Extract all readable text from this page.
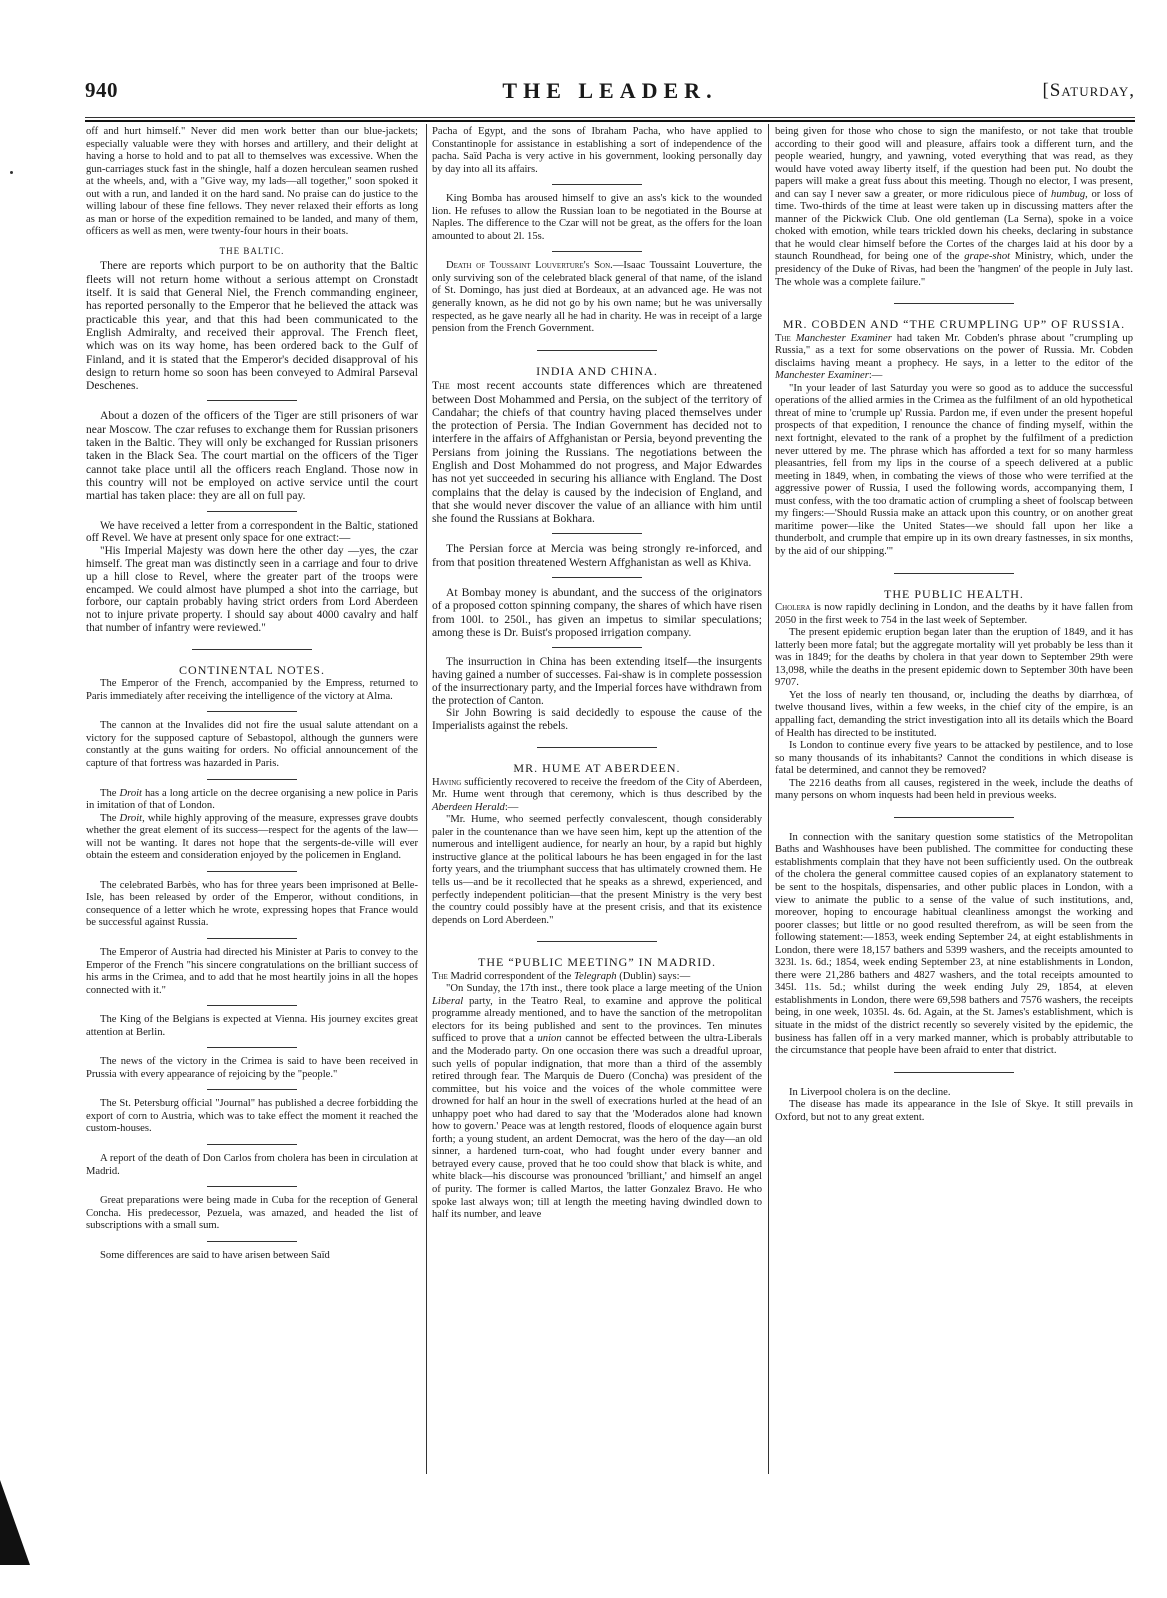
940	THE LEADER.	[Saturday,

off and hurt himself." Never did men work better than our blue-jackets; especially valuable were they with horses and artillery, and their delight at having a horse to hold and to pat all to themselves was excessive. When the gun-carriages stuck fast in the shingle, half a dozen herculean seamen rushed at the wheels, and, with a "Give way, my lads—all together," soon spoked it out with a run, and landed it on the hard sand. No praise can do justice to the willing labour of these fine fellows. They never relaxed their efforts as long as man or horse of the expedition remained to be landed, and many of them, officers as well as men, were twenty-four hours in their boats.

THE BALTIC.

There are reports which purport to be on authority that the Baltic fleets will not return home without a serious attempt on Cronstadt itself. It is said that General Niel, the French commanding engineer, has reported personally to the Emperor that he believed the attack was practicable this year, and that this had been communicated to the English Admiralty, and received their approval. The French fleet, which was on its way home, has been ordered back to the Gulf of Finland, and it is stated that the Emperor's decided disapproval of his design to return home so soon has been conveyed to Admiral Parseval Deschenes.

About a dozen of the officers of the Tiger are still prisoners of war near Moscow. The czar refuses to exchange them for Russian prisoners taken in the Baltic. They will only be exchanged for Russian prisoners taken in the Black Sea. The court martial on the officers of the Tiger cannot take place until all the officers reach England. Those now in this country will not be employed on active service until the court martial has taken place: they are all on full pay.

We have received a letter from a correspondent in the Baltic, stationed off Revel. We have at present only space for one extract:—

"His Imperial Majesty was down here the other day —yes, the czar himself. The great man was distinctly seen in a carriage and four to drive up a hill close to Revel, where the greater part of the troops were encamped. We could almost have plumped a shot into the carriage, but forbore, our captain probably having strict orders from Lord Aberdeen not to injure private property. I should say about 4000 cavalry and half that number of infantry were reviewed."

CONTINENTAL NOTES.

The Emperor of the French, accompanied by the Empress, returned to Paris immediately after receiving the intelligence of the victory at Alma.

The cannon at the Invalides did not fire the usual salute attendant on a victory for the supposed capture of Sebastopol, although the gunners were constantly at the guns waiting for orders. No official announcement of the capture of that fortress was hazarded in Paris.

The Droit has a long article on the decree organising a new police in Paris in imitation of that of London.

The Droit, while highly approving of the measure, expresses grave doubts whether the great element of its success—respect for the agents of the law—will not be wanting. It dares not hope that the sergents-de-ville will ever obtain the esteem and consideration enjoyed by the policemen in England.

The celebrated Barbès, who has for three years been imprisoned at Belle-Isle, has been released by order of the Emperor, without conditions, in consequence of a letter which he wrote, expressing hopes that France would be successful against Russia.

The Emperor of Austria had directed his Minister at Paris to convey to the Emperor of the French "his sincere congratulations on the brilliant success of his arms in the Crimea, and to add that he most heartily joins in all the hopes connected with it."

The King of the Belgians is expected at Vienna. His journey excites great attention at Berlin.

The news of the victory in the Crimea is said to have been received in Prussia with every appearance of rejoicing by the "people."

The St. Petersburg official "Journal" has published a decree forbidding the export of corn to Austria, which was to take effect the moment it reached the custom-houses.

A report of the death of Don Carlos from cholera has been in circulation at Madrid.

Great preparations were being made in Cuba for the reception of General Concha. His predecessor, Pezuela, was amazed, and headed the list of subscriptions with a small sum.

Some differences are said to have arisen between Saïd

Pacha of Egypt, and the sons of Ibraham Pacha, who have applied to Constantinople for assistance in establishing a sort of independence of the pacha. Saïd Pacha is very active in his government, looking personally day by day into all its affairs.

King Bomba has aroused himself to give an ass's kick to the wounded lion. He refuses to allow the Russian loan to be negotiated in the Bourse at Naples. The difference to the Czar will not be great, as the offers for the loan amounted to about 2l. 15s.

Death of Toussaint Louverture's Son.—Isaac Toussaint Louverture, the only surviving son of the celebrated black general of that name, of the island of St. Domingo, has just died at Bordeaux, at an advanced age. He was not generally known, as he did not go by his own name; but he was universally respected, as he gave nearly all he had in charity. He was in receipt of a large pension from the French Government.

INDIA AND CHINA.

The most recent accounts state differences which are threatened between Dost Mohammed and Persia, on the subject of the territory of Candahar; the chiefs of that country having placed themselves under the protection of Persia. The Indian Government has decided not to interfere in the affairs of Affghanistan or Persia, beyond preventing the Persians from joining the Russians. The negotiations between the English and Dost Mohammed do not progress, and Major Edwardes has not yet succeeded in securing his alliance with England. The Dost complains that the delay is caused by the indecision of England, and that she would never discover the value of an alliance with him until she found the Russians at Bokhara.

The Persian force at Mercia was being strongly re-inforced, and from that position threatened Western Affghanistan as well as Khiva.

At Bombay money is abundant, and the success of the originators of a proposed cotton spinning company, the shares of which have risen from 100l. to 250l., has given an impetus to similar speculations; among these is Dr. Buist's proposed irrigation company.

The insurruction in China has been extending itself—the insurgents having gained a number of successes. Fai-shaw is in complete possession of the insurrectionary party, and the Imperial forces have withdrawn from the protection of Canton.

Sir John Bowring is said decidedly to espouse the cause of the Imperialists against the rebels.

MR. HUME AT ABERDEEN.

Having sufficiently recovered to receive the freedom of the City of Aberdeen, Mr. Hume went through that ceremony, which is thus described by the Aberdeen Herald:—

"Mr. Hume, who seemed perfectly convalescent, though considerably paler in the countenance than we have seen him, kept up the attention of the numerous and intelligent audience, for nearly an hour, by a rapid but highly instructive glance at the political labours he has been engaged in for the last forty years, and the triumphant success that has ultimately crowned them. He tells us—and be it recollected that he speaks as a shrewd, experienced, and perfectly independent politician—that the present Ministry is the very best the country could possibly have at the present crisis, and that its existence depends on Lord Aberdeen."

THE “PUBLIC MEETING” IN MADRID.

The Madrid correspondent of the Telegraph (Dublin) says:—

"On Sunday, the 17th inst., there took place a large meeting of the Union Liberal party, in the Teatro Real, to examine and approve the political programme already mentioned, and to have the sanction of the metropolitan electors for its being published and sent to the provinces. Ten minutes sufficed to prove that a union cannot be effected between the ultra-Liberals and the Moderado party. On one occasion there was such a dreadful uproar, such yells of popular indignation, that more than a third of the assembly retired through fear. The Marquis de Duero (Concha) was president of the committee, but his voice and the voices of the whole committee were drowned for half an hour in the swell of execrations hurled at the head of an unhappy poet who had dared to say that the 'Moderados alone had known how to govern.' Peace was at length restored, floods of eloquence again burst forth; a young student, an ardent Democrat, was the hero of the day—an old sinner, a hardened turn-coat, who had fought under every banner and betrayed every cause, proved that he too could show that black is white, and white black—his discourse was pronounced 'brilliant,' and himself an angel of purity. The former is called Martos, the latter Gonzalez Bravo. He who spoke last always won; till at length the meeting having dwindled down to half its number, and leave

being given for those who chose to sign the manifesto, or not take that trouble according to their good will and pleasure, affairs took a different turn, and the people wearied, hungry, and yawning, voted everything that was read, as they would have voted away liberty itself, if the question had been put. No doubt the papers will make a great fuss about this meeting. Though no elector, I was present, and can say I never saw a greater, or more ridiculous piece of humbug, or loss of time. Two-thirds of the time at least were taken up in discussing matters after the manner of the Pickwick Club. One old gentleman (La Serna), spoke in a voice choked with emotion, while tears trickled down his cheeks, declaring in substance that he would clear himself before the Cortes of the charges laid at his door by a staunch Roundhead, for being one of the grape-shot Ministry, which, under the presidency of the Duke of Rivas, had been the 'hangmen' of the people in July last. The whole was a complete failure."

MR. COBDEN AND “THE CRUMPLING UP” OF RUSSIA.

The Manchester Examiner had taken Mr. Cobden's phrase about "crumpling up Russia," as a text for some observations on the power of Russia. Mr. Cobden disclaims having meant a prophecy. He says, in a letter to the editor of the Manchester Examiner:—

"In your leader of last Saturday you were so good as to adduce the successful operations of the allied armies in the Crimea as the fulfilment of an old hypothetical threat of mine to 'crumple up' Russia. Pardon me, if even under the present hopeful prospects of that expedition, I renounce the chance of finding myself, within the next fortnight, elevated to the rank of a prophet by the fulfilment of a prediction never uttered by me. The phrase which has afforded a text for so many harmless pleasantries, fell from my lips in the course of a speech delivered at a public meeting in 1849, when, in combating the views of those who were terrified at the aggressive power of Russia, I used the following words, accompanying them, I must confess, with the too dramatic action of crumpling a sheet of foolscap between my fingers:—'Should Russia make an attack upon this country, or on another great maritime power—like the United States—we should fall upon her like a thunderbolt, and crumple that empire up in its own dreary fastnesses, in six months, by the aid of our shipping.'"

THE PUBLIC HEALTH.

Cholera is now rapidly declining in London, and the deaths by it have fallen from 2050 in the first week to 754 in the last week of September.

The present epidemic eruption began later than the eruption of 1849, and it has latterly been more fatal; but the aggregate mortality will yet probably be less than it was in 1849; for the deaths by cholera in that year down to September 29th were 13,098, while the deaths in the present epidemic down to September 30th have been 9707.

Yet the loss of nearly ten thousand, or, including the deaths by diarrhœa, of twelve thousand lives, within a few weeks, in the chief city of the empire, is an appalling fact, demanding the strict investigation into all its details which the Board of Health has directed to be instituted.

Is London to continue every five years to be attacked by pestilence, and to lose so many thousands of its inhabitants? Cannot the conditions in which disease is fatal be determined, and cannot they be removed?

The 2216 deaths from all causes, registered in the week, include the deaths of many persons on whom inquests had been held in previous weeks.

In connection with the sanitary question some statistics of the Metropolitan Baths and Washhouses have been published. The committee for conducting these establishments complain that they have not been sufficiently used. On the outbreak of the cholera the general committee caused copies of an explanatory statement to be sent to the hospitals, dispensaries, and other public places in London, with a view to animate the public to a sense of the value of such institutions, and, moreover, hoping to encourage habitual cleanliness amongst the working and poorer classes; but little or no good resulted therefrom, as will be seen from the following statement:—1853, week ending September 24, at eight establishments in London, there were 18,157 bathers and 5399 washers, and the receipts amounted to 323l. 1s. 6d.; 1854, week ending September 23, at nine establishments in London, there were 21,286 bathers and 4827 washers, and the total receipts amounted to 345l. 11s. 5d.; whilst during the week ending July 29, 1854, at eleven establishments in London, there were 69,598 bathers and 7576 washers, the receipts being, in one week, 1035l. 4s. 6d. Again, at the St. James's establishment, which is situate in the midst of the district recently so severely visited by the epidemic, the business has fallen off in a very marked manner, which is probably attributable to the circumstance that people have been afraid to enter that district.

In Liverpool cholera is on the decline.

The disease has made its appearance in the Isle of Skye. It still prevails in Oxford, but not to any great extent.
